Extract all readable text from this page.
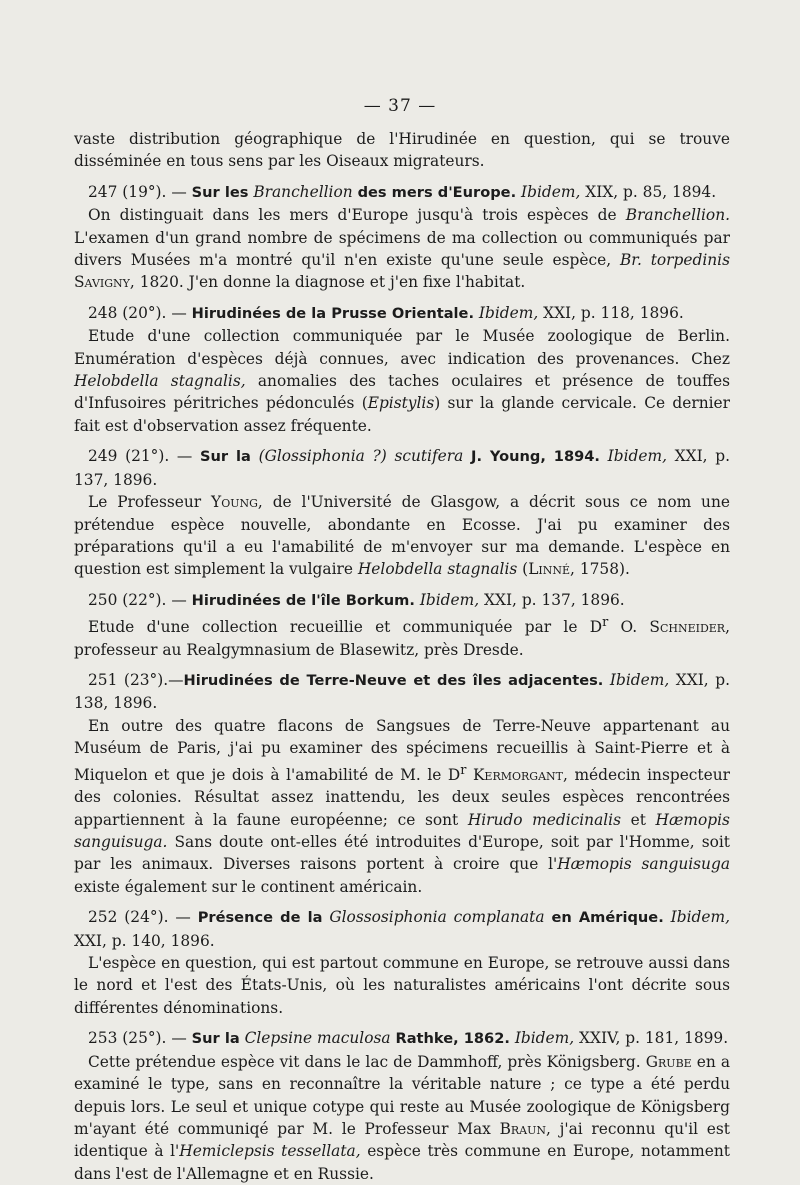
— 37 —

vaste distribution géographique de l'Hirudinée en question, qui se trouve disséminée en tous sens par les Oiseaux migrateurs.

247 (19°). — Sur les Branchellion des mers d'Europe. Ibidem, XIX, p. 85, 1894.

On distinguait dans les mers d'Europe jusqu'à trois espèces de Branchellion. L'examen d'un grand nombre de spécimens de ma collection ou communiqués par divers Musées m'a montré qu'il n'en existe qu'une seule espèce, Br. torpedinis Savigny, 1820. J'en donne la diagnose et j'en fixe l'habitat.

248 (20°). — Hirudinées de la Prusse Orientale. Ibidem, XXI, p. 118, 1896.

Etude d'une collection communiquée par le Musée zoologique de Berlin. Enumération d'espèces déjà connues, avec indication des provenances. Chez Helobdella stagnalis, anomalies des taches oculaires et présence de touffes d'Infusoires péritriches pédonculés (Epistylis) sur la glande cervicale. Ce dernier fait est d'observation assez fréquente.

249 (21°). — Sur la (Glossiphonia ?) scutifera J. Young, 1894. Ibidem, XXI, p. 137, 1896.

Le Professeur Young, de l'Université de Glasgow, a décrit sous ce nom une prétendue espèce nouvelle, abondante en Ecosse. J'ai pu examiner des préparations qu'il a eu l'amabilité de m'envoyer sur ma demande. L'espèce en question est simplement la vulgaire Helobdella stagnalis (Linné, 1758).

250 (22°). — Hirudinées de l'île Borkum. Ibidem, XXI, p. 137, 1896.

Etude d'une collection recueillie et communiquée par le $D^r$ O. Schneider, professeur au Realgymnasium de Blasewitz, près Dresde.

251 (23°).—Hirudinées de Terre-Neuve et des îles adjacentes. Ibidem, XXI, p. 138, 1896.

En outre des quatre flacons de Sangsues de Terre-Neuve appartenant au Muséum de Paris, j'ai pu examiner des spécimens recueillis à Saint-Pierre et à Miquelon et que je dois à l'amabilité de M. le $D^r$ Kermorgant, médecin inspecteur des colonies. Résultat assez inattendu, les deux seules espèces rencontrées appartiennent à la faune européenne; ce sont Hirudo medicinalis et Hæmopis sanguisuga. Sans doute ont-elles été introduites d'Europe, soit par l'Homme, soit par les animaux. Diverses raisons portent à croire que l'Hæmopis sanguisuga existe également sur le continent américain.

252 (24°). — Présence de la Glossosiphonia complanata en Amérique. Ibidem, XXI, p. 140, 1896.

L'espèce en question, qui est partout commune en Europe, se retrouve aussi dans le nord et l'est des États-Unis, où les naturalistes américains l'ont décrite sous différentes dénominations.

253 (25°). — Sur la Clepsine maculosa Rathke, 1862. Ibidem, XXIV, p. 181, 1899.

Cette prétendue espèce vit dans le lac de Dammhoff, près Königsberg. Grube en a examiné le type, sans en reconnaître la véritable nature ; ce type a été perdu depuis lors. Le seul et unique cotype qui reste au Musée zoologique de Königsberg m'ayant été communiqé par M. le Professeur Max Braun, j'ai reconnu qu'il est identique à l'Hemiclepsis tessellata, espèce très commune en Europe, notamment dans l'est de l'Allemagne et en Russie.
